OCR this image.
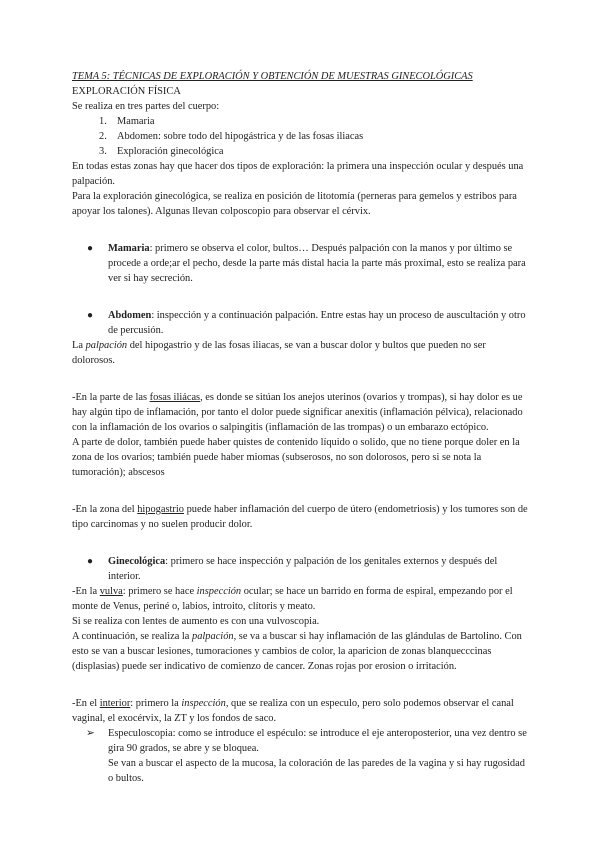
TEMA 5: TÉCNICAS DE EXPLORACIÓN Y OBTENCIÓN DE MUESTRAS GINECOLÓGICAS

EXPLORACIÓN FÍSICA

Se realiza en tres partes del cuerpo:

1. Mamaria
2. Abdomen: sobre todo del hipogástrica y de las fosas iliacas
3. Exploración ginecológica

En todas estas zonas hay que hacer dos tipos de exploración: la primera una inspección ocular y después una palpación.

Para la exploración ginecológica, se realiza en posición de litotomía (perneras para gemelos y estribos para apoyar los talones). Algunas llevan colposcopio para observar el cérvix.

● Mamaria: primero se observa el color, bultos… Después palpación con la manos y por último se procede a orde;ar el pecho, desde la parte más distal hacia la parte más proximal, esto se realiza para ver si hay secreción.
● Abdomen: inspección y a continuación palpación. Entre estas hay un proceso de auscultación y otro de percusión.

La palpación del hipogastrio y de las fosas iliacas, se van a buscar dolor y bultos que pueden no ser dolorosos.

-En la parte de las fosas iliácas, es donde se sitúan los anejos uterinos (ovarios y trompas), si hay dolor es ue hay algún tipo de inflamación, por tanto el dolor puede significar anexitis (inflamación pélvica), relacionado con la inflamación de los ovarios o salpingitis (inflamación de las trompas) o un embarazo ectópico.

A parte de dolor, también puede haber quistes de contenido líquido o solido, que no tiene porque doler en la zona de los ovarios; también puede haber miomas (subserosos, no son dolorosos, pero si se nota la tumoración); abscesos

-En la zona del hipogastrio puede haber inflamación del cuerpo de útero (endometriosis) y los tumores son de tipo carcinomas y no suelen producir dolor.

● Ginecológica: primero se hace inspección y palpación de los genitales externos y después del interior.

-En la vulva: primero se hace inspección ocular; se hace un barrido en forma de espiral, empezando por el monte de Venus, periné o, labios, introito, clítoris y meato.

Si se realiza con lentes de aumento es con una vulvoscopia.

A continuación, se realiza la palpación, se va a buscar si hay inflamación de las glándulas de Bartolino. Con esto se van a buscar lesiones, tumoraciones y cambios de color, la aparicion de zonas blanquecccinas (displasias) puede ser indicativo de comienzo de cancer. Zonas rojas por erosion o irritación.

-En el interior: primero la inspección, que se realiza con un especulo, pero solo podemos observar el canal vaginal, el exocérvix, la ZT y los fondos de saco.

➢ Especuloscopia: como se introduce el espéculo: se introduce el eje anteroposterior, una vez dentro se gira 90 grados, se abre y se bloquea.

Se van a buscar el aspecto de la mucosa, la coloración de las paredes de la vagina y si hay rugosidad o bultos.
